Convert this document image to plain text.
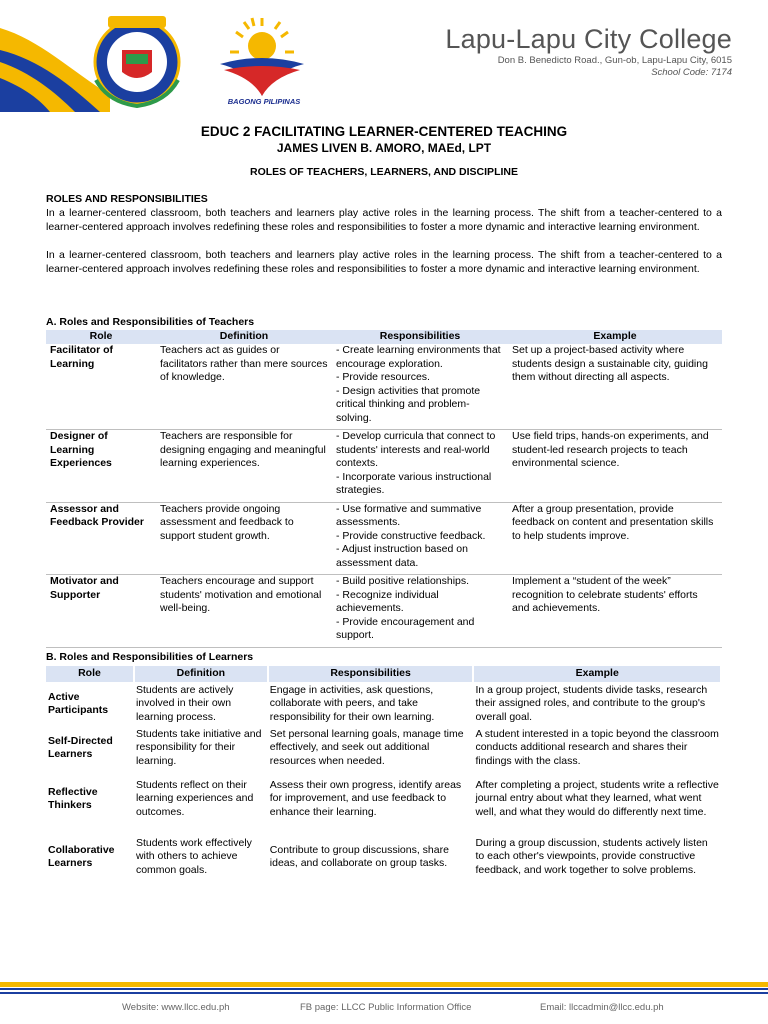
BAGONG PILIPINAS
Lapu-Lapu City College
Don B. Benedicto Road., Gun-ob, Lapu-Lapu City, 6015
School Code: 7174
EDUC 2 FACILITATING LEARNER-CENTERED TEACHING
JAMES LIVEN B. AMORO, MAEd, LPT
ROLES OF TEACHERS, LEARNERS, AND DISCIPLINE
ROLES AND RESPONSIBILITIES

In a learner-centered classroom, both teachers and learners play active roles in the learning process. The shift from a teacher-centered to a learner-centered approach involves redefining these roles and responsibilities to foster a more dynamic and interactive learning environment.

In a learner-centered classroom, both teachers and learners play active roles in the learning process. The shift from a teacher-centered to a learner-centered approach involves redefining these roles and responsibilities to foster a more dynamic and interactive learning environment.

A. Roles and Responsibilities of Teachers
Role	Definition	Responsibilities	Example
Facilitator of Learning	Teachers act as guides or facilitators rather than mere sources of knowledge.	- Create learning environments that encourage exploration.
- Provide resources.
- Design activities that promote critical thinking and problem-solving.	Set up a project-based activity where students design a sustainable city, guiding them without directing all aspects.
Designer of Learning Experiences	Teachers are responsible for designing engaging and meaningful learning experiences.	- Develop curricula that connect to students' interests and real-world contexts.
- Incorporate various instructional strategies.	Use field trips, hands-on experiments, and student-led research projects to teach environmental science.
Assessor and Feedback Provider	Teachers provide ongoing assessment and feedback to support student growth.	- Use formative and summative assessments.
- Provide constructive feedback.
- Adjust instruction based on assessment data.	After a group presentation, provide feedback on content and presentation skills to help students improve.
Motivator and Supporter	Teachers encourage and support students' motivation and emotional well-being.	- Build positive relationships.
- Recognize individual achievements.
- Provide encouragement and support.	Implement a “student of the week” recognition to celebrate students' efforts and achievements.
B. Roles and Responsibilities of Learners
Role	Definition	Responsibilities	Example
Active Participants	Students are actively involved in their own learning process.	Engage in activities, ask questions, collaborate with peers, and take responsibility for their own learning.	In a group project, students divide tasks, research their assigned roles, and contribute to the group's overall goal.
Self-Directed Learners	Students take initiative and responsibility for their learning.	Set personal learning goals, manage time effectively, and seek out additional resources when needed.	A student interested in a topic beyond the classroom conducts additional research and shares their findings with the class.
Reflective Thinkers	Students reflect on their learning experiences and outcomes.	Assess their own progress, identify areas for improvement, and use feedback to enhance their learning.	After completing a project, students write a reflective journal entry about what they learned, what went well, and what they would do differently next time.
Collaborative Learners	Students work effectively with others to achieve common goals.	Contribute to group discussions, share ideas, and collaborate on group tasks.	During a group discussion, students actively listen to each other's viewpoints, provide constructive feedback, and work together to solve problems.
Website: www.llcc.edu.ph	FB page: LLCC Public Information Office	Email: llccadmin@llcc.edu.ph
